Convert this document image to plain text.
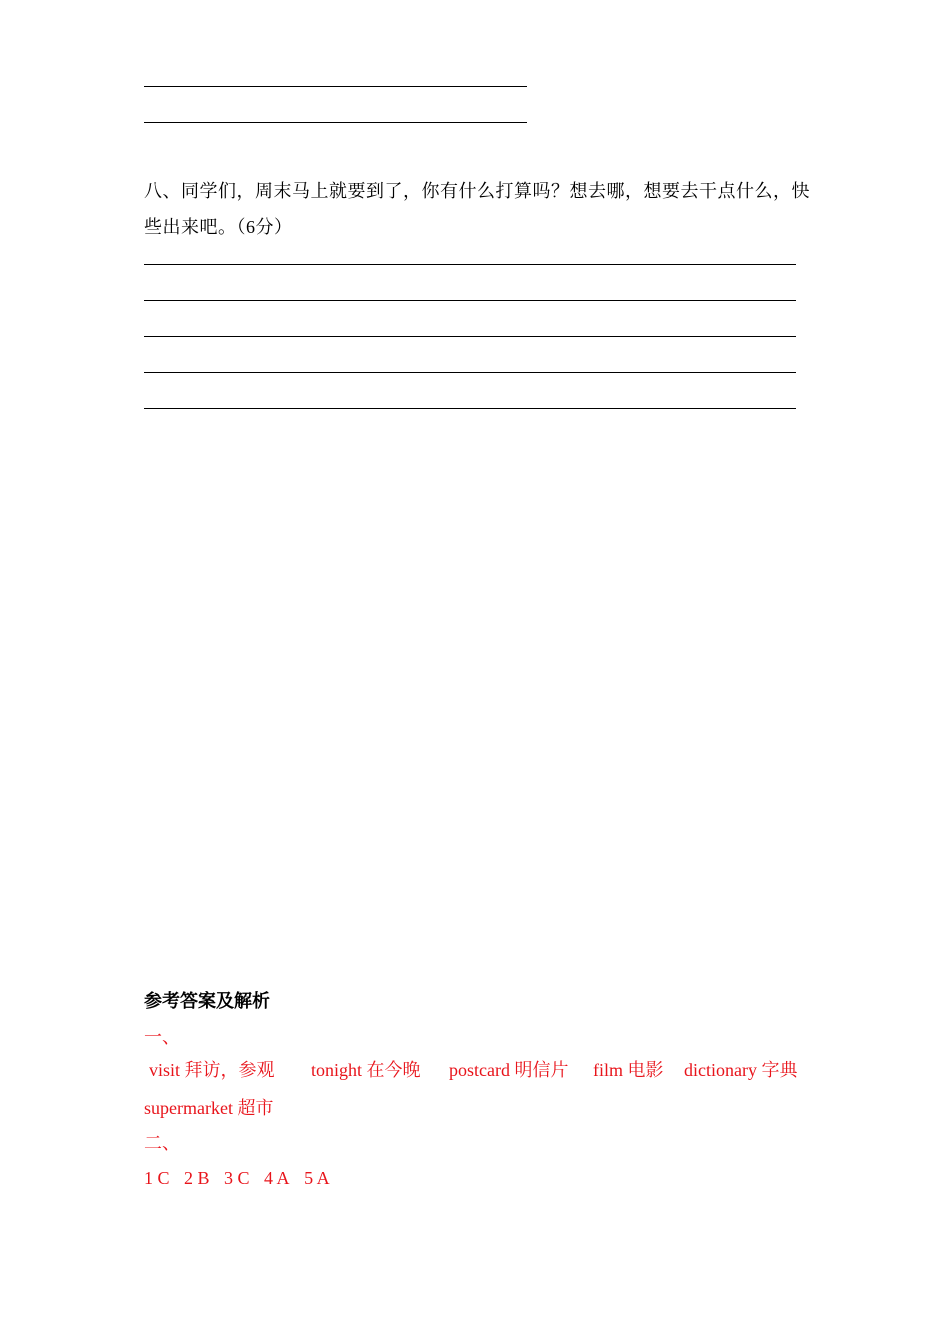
八、同学们，周末马上就要到了，你有什么打算吗？想去哪，想要去干点什么，快
些出来吧。（6分）

参考答案及解析

一、

visit 拜访，参观 tonight 在今晚 postcard 明信片 film 电影 dictionary 字典

supermarket 超市

二、

1 C 2 B 3 C 4 A 5 A
